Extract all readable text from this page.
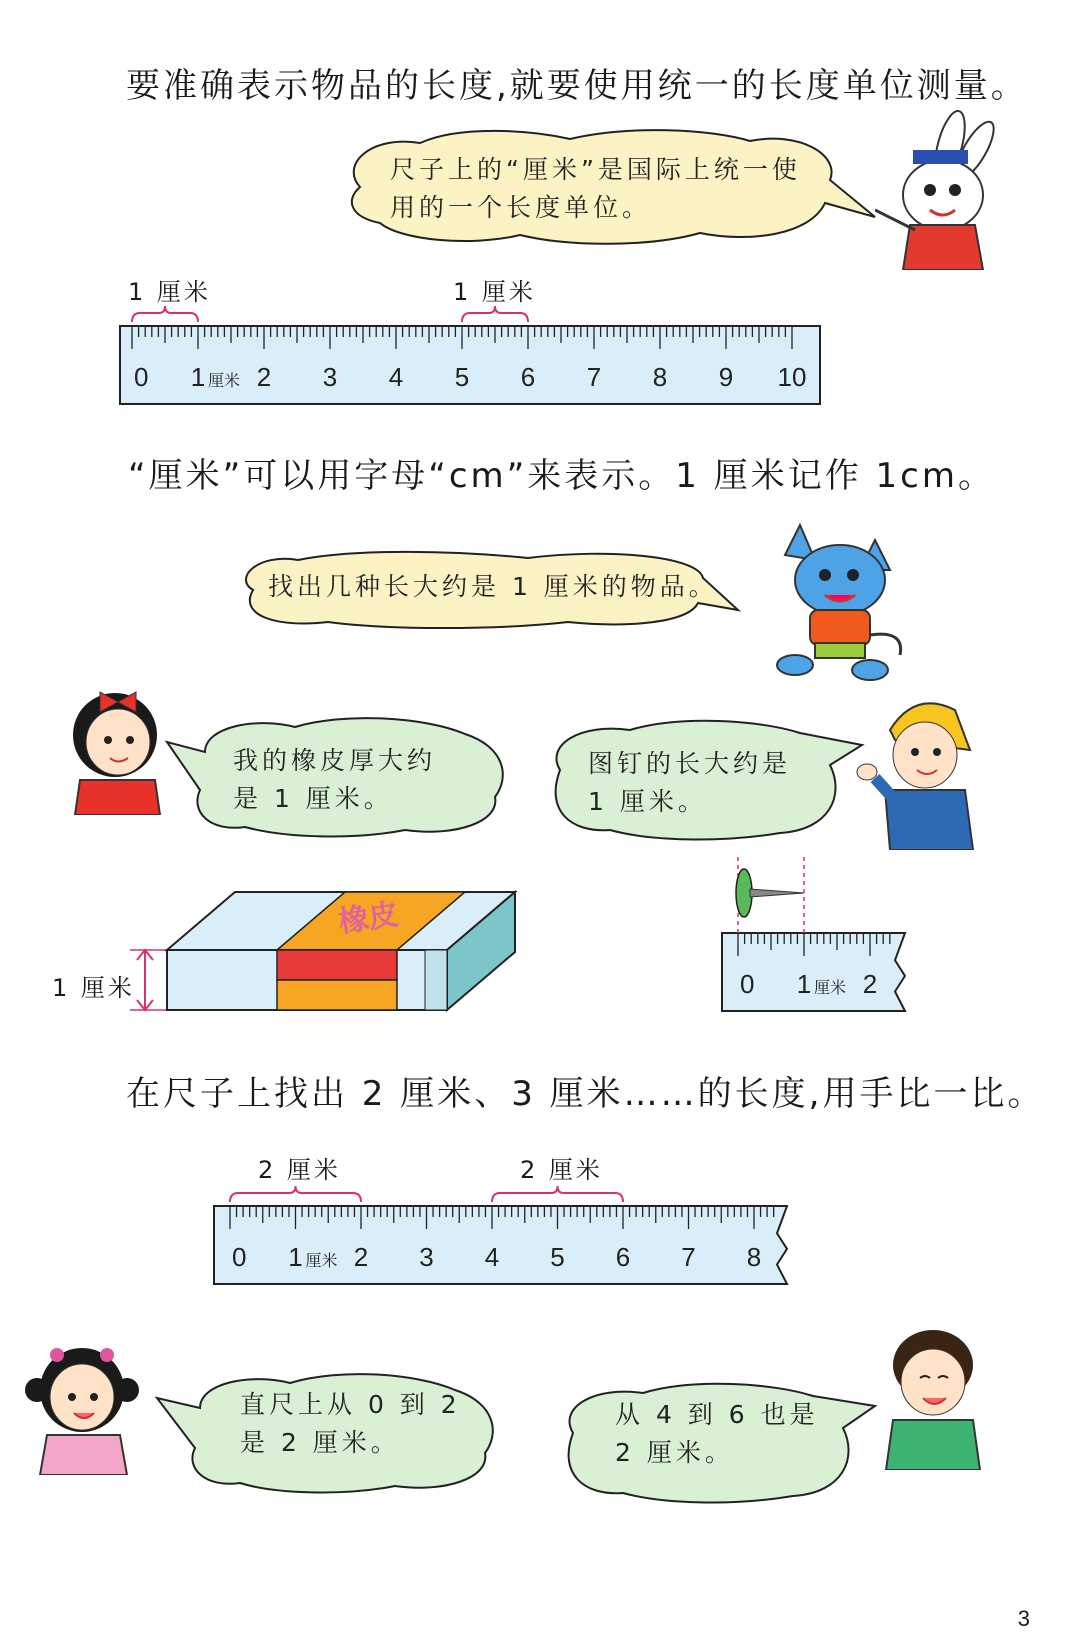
要准确表示物品的长度,就要使用统一的长度单位测量。
尺子上的“厘米”是国际上统一使
用的一个长度单位。
1 厘米	1 厘米
0 1 厘米 2 3 4 5 6 7 8 9 10
“厘米”可以用字母“cm”来表示。1 厘米记作 1cm。
找出几种长大约是 1 厘米的物品。
我的橡皮厚大约
是 1 厘米。
图钉的长大约是
1 厘米。
1 厘米
橡皮
0 1 厘米 2
在尺子上找出 2 厘米、3 厘米……的长度,用手比一比。
2 厘米	2 厘米
0 1 厘米 2 3 4 5 6 7 8
直尺上从 0 到 2
是 2 厘米。
从 4 到 6 也是
2 厘米。
3
